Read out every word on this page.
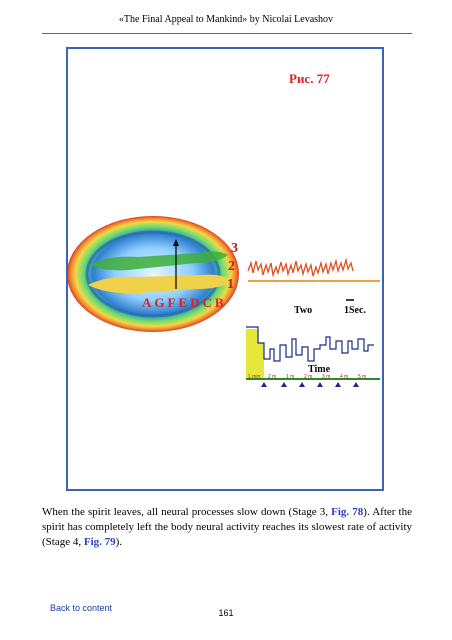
«The Final Appeal to Mankind» by Nicolai Levashov
Рис. 77
3
2
1
AGFEDCB
Two	1Sec.
Time
1 min 2 m 1 m 2 m 3 m 4 m 5 m
When the spirit leaves, all neural processes slow down (Stage 3, Fig. 78). After the spirit has completely left the body neural activity reaches its slowest rate of activity (Stage 4, Fig. 79).
Back to content	161
